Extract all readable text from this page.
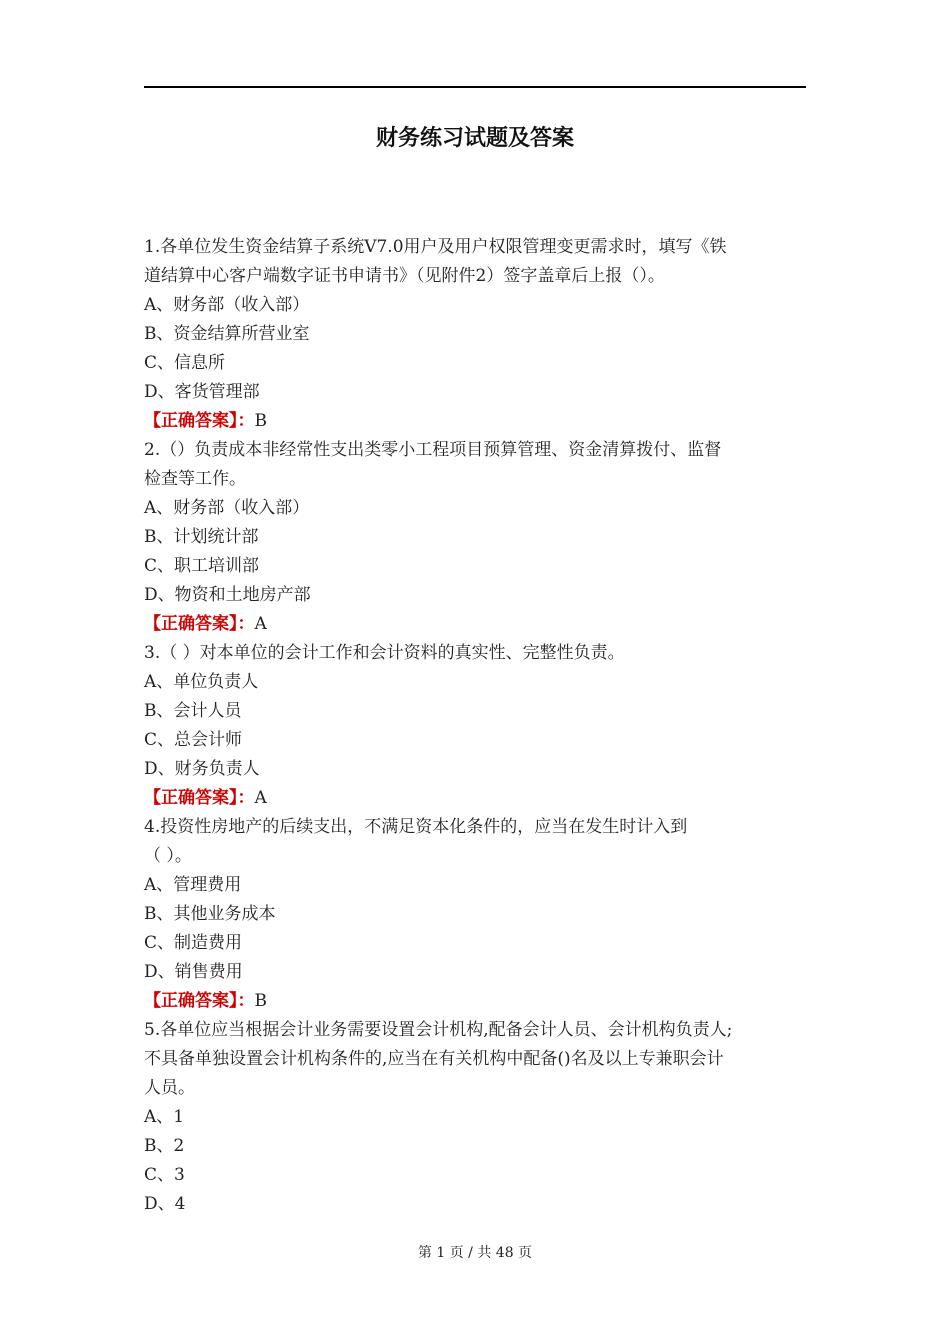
财务练习试题及答案
1.各单位发生资金结算子系统V7.0用户及用户权限管理变更需求时，填写《铁
道结算中心客户端数字证书申请书》（见附件2）签字盖章后上报（）。
A、财务部（收入部）
B、资金结算所营业室
C、信息所
D、客货管理部
【正确答案】：B
2.（）负责成本非经常性支出类零小工程项目预算管理、资金清算拨付、监督
检查等工作。
A、财务部（收入部）
B、计划统计部
C、职工培训部
D、物资和土地房产部
【正确答案】：A
3.（ ）对本单位的会计工作和会计资料的真实性、完整性负责。
A、单位负责人
B、会计人员
C、总会计师
D、财务负责人
【正确答案】：A
4.投资性房地产的后续支出，不满足资本化条件的，应当在发生时计入到
（ ）。
A、管理费用
B、其他业务成本
C、制造费用
D、销售费用
【正确答案】：B
5.各单位应当根据会计业务需要设置会计机构,配备会计人员、会计机构负责人;
不具备单独设置会计机构条件的,应当在有关机构中配备()名及以上专兼职会计
人员。
A、1
B、2
C、3
D、4
第 1 页 / 共 48 页
